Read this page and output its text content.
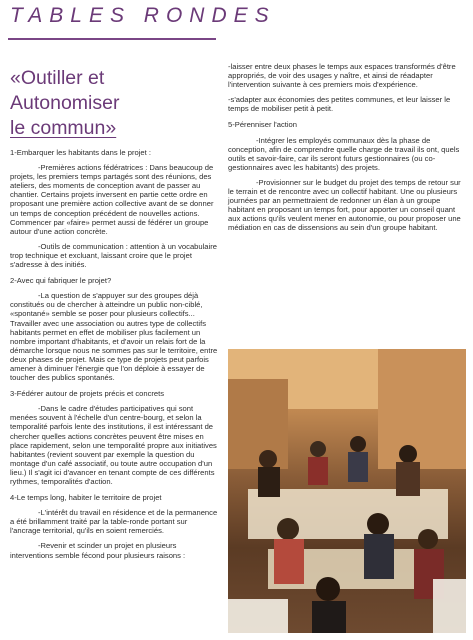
TABLES RONDES
«Outiller et Autonomiser
le commun»
1-Embarquer les habitants dans le projet :
-Premières actions fédératrices : Dans beaucoup de projets, les premiers temps partagés sont des réunions, des ateliers, des moments de conception avant de passer au chantier. Certains projets inversent en partie cette ordre en proposant une première action collective avant de se donner un temps de conception précédent de nouvelles actions. Commencer par «faire» permet aussi de fédérer un groupe autour d'une action concrète.
-Outils de communication : attention à un vocabulaire trop technique et excluant, laissant croire que le projet s'adresse à des initiés.
2-Avec qui fabriquer le projet?
-La question de s'appuyer sur des groupes déjà constitués ou de chercher à atteindre un public non-ciblé, «spontané» semble se poser pour plusieurs collectifs... Travailler avec une association ou autres type de collectifs habitants permet en effet de mobiliser plus facilement un nombre important d'habitants, et d'avoir un relais fort de la démarche lorsque nous ne sommes pas sur le territoire, entre deux phases de projet. Mais ce type de projets peut parfois amener à diminuer l'énergie que l'on déploie à essayer de toucher des publics spontanés.
3-Fédérer autour de projets précis et concrets
-Dans le cadre d'études participatives qui sont menées souvent à l'échelle d'un centre-bourg, et selon la temporalité parfois lente des institutions, il est intéressant de chercher quelles actions concrètes peuvent être mises en place rapidement, selon une temporalité propre aux initiatives habitantes (revient souvent par exemple la question du montage d'un café associatif, ou toute autre occupation d'un lieu.) Il s'agit ici d'avancer en tenant compte de ces différents rythmes, temporalités d'action.
4-Le temps long, habiter le territoire de projet
-L'intérêt du travail en résidence et de la permanence a été brillamment traité par la table-ronde portant sur l'ancrage territorial, qu'ils en soient remerciés.
-Revenir et scinder un projet en plusieurs interventions semble fécond pour plusieurs raisons :
-laisser entre deux phases le temps aux espaces transformés d'être appropriés, de voir des usages y naître, et ainsi de réadapter l'intervention suivante à ces premiers mois d'expérience.
-s'adapter aux économies des petites communes, et leur laisser le temps de mobiliser petit à petit.
5-Pérenniser l'action
-Intégrer les employés communaux dès la phase de conception, afin de comprendre quelle charge de travail ils ont, quels outils et savoir-faire, car ils seront futurs gestionnaires (ou co-gestionnaires avec les habitants) des projets.
-Provisionner sur le budget du projet des temps de retour sur le terrain et de rencontre avec un collectif habitant. Une ou plusieurs journées par an permettraient de redonner un élan à un groupe habitant en proposant un temps fort, pour apporter un conseil quant aux actions qu'ils veulent mener en autonomie, ou pour proposer une médiation en cas de dissensions au sein d'un groupe habitant.
